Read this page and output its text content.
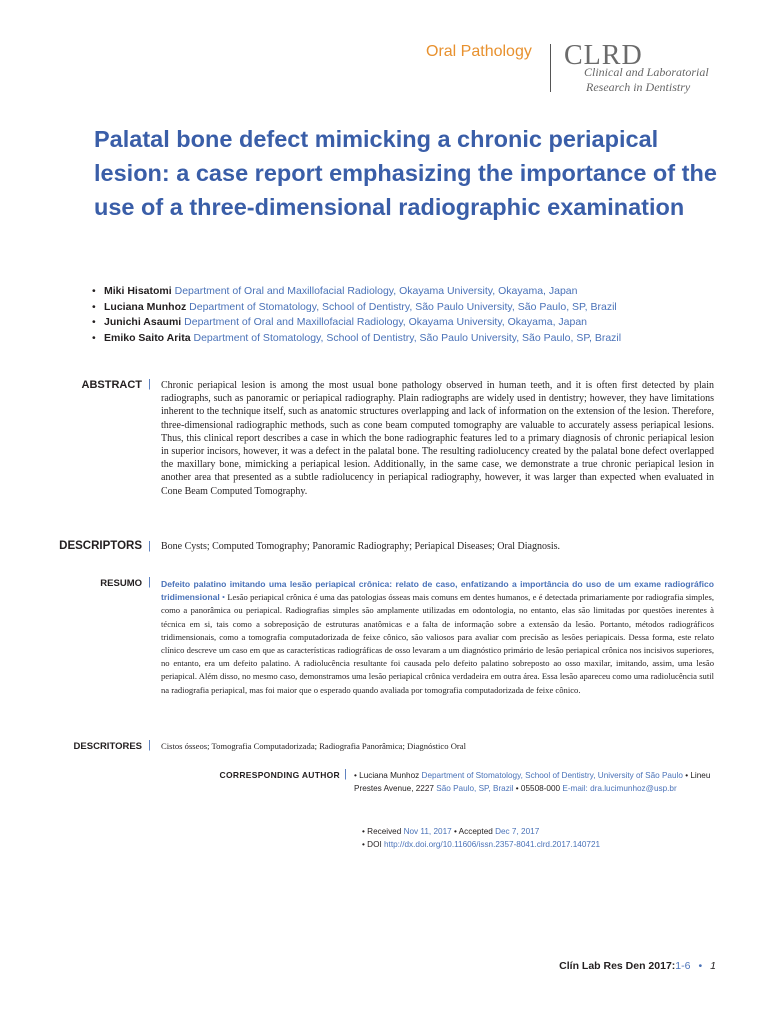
Oral Pathology CLRD
Clinical and Laboratorial
Research in Dentistry
Palatal bone defect mimicking a chronic periapical lesion: a case report emphasizing the importance of the use of a three-dimensional radiographic examination
• Miki Hisatomi Department of Oral and Maxillofacial Radiology, Okayama University, Okayama, Japan
• Luciana Munhoz Department of Stomatology, School of Dentistry, São Paulo University, São Paulo, SP, Brazil
• Junichi Asaumi Department of Oral and Maxillofacial Radiology, Okayama University, Okayama, Japan
• Emiko Saito Arita Department of Stomatology, School of Dentistry, São Paulo University, São Paulo, SP, Brazil
ABSTRACT | Chronic periapical lesion is among the most usual bone pathology observed in human teeth, and it is often first detected by plain radiographs, such as panoramic or periapical radiography. Plain radiographs are widely used in dentistry; however, they have limitations inherent to the technique itself, such as anatomic structures overlapping and lack of information on the extension of the lesion. Therefore, three-dimensional radiographic methods, such as cone beam computed tomography are valuable to accurately assess periapical lesions. Thus, this clinical report describes a case in which the bone radiographic features led to a primary diagnosis of chronic periapical lesion in superior incisors, however, it was a defect in the palatal bone. The resulting radiolucency created by the palatal bone defect overlapped the maxillary bone, mimicking a periapical lesion. Additionally, in the same case, we demonstrate a true chronic periapical lesion in another area that presented as a subtle radiolucency in periapical radiography, however, it was larger than expected when evaluated in Cone Beam Computed Tomography.

DESCRIPTORS | Bone Cysts; Computed Tomography; Panoramic Radiography; Periapical Diseases; Oral Diagnosis.

RESUMO | Defeito palatino imitando uma lesão periapical crônica: relato de caso, enfatizando a importância do uso de um exame radiográfico tridimensional • Lesão periapical crônica é uma das patologias ósseas mais comuns em dentes humanos, e é detectada primariamente por radiografia simples, como a panorâmica ou periapical. Radiografias simples são amplamente utilizadas em odontologia, no entanto, elas são limitadas por questões inerentes à técnica em si, tais como a sobreposição de estruturas anatômicas e a falta de informação sobre a extensão da lesão. Portanto, métodos radiográficos tridimensionais, como a tomografia computadorizada de feixe cônico, são valiosos para avaliar com precisão as lesões periapicais. Dessa forma, este relato clínico descreve um caso em que as características radiográficas de osso levaram a um diagnóstico primário de lesão periapical crônica nos incisivos superiores, no entanto, era um defeito palatino. A radiolucência resultante foi causada pelo defeito palatino sobreposto ao osso maxilar, imitando, assim, uma lesão periapical. Além disso, no mesmo caso, demonstramos uma lesão periapical crônica verdadeira em outra área. Essa lesão apareceu como uma radiolucência sutil na radiografia periapical, mas foi maior que o esperado quando avaliada por tomografia computadorizada de feixe cônico.

DESCRITORES | Cistos ósseos; Tomografia Computadorizada; Radiografia Panorâmica; Diagnóstico Oral

CORRESPONDING AUTHOR | • Luciana Munhoz Department of Stomatology, School of Dentistry, University of São Paulo • Lineu Prestes Avenue, 2227 São Paulo, SP, Brazil • 05508-000 E-mail: dra.lucimunhoz@usp.br

• Received Nov 11, 2017 • Accepted Dec 7, 2017
• DOI http://dx.doi.org/10.11606/issn.2357-8041.clrd.2017.140721

Clín Lab Res Den 2017:1-6 • 1
